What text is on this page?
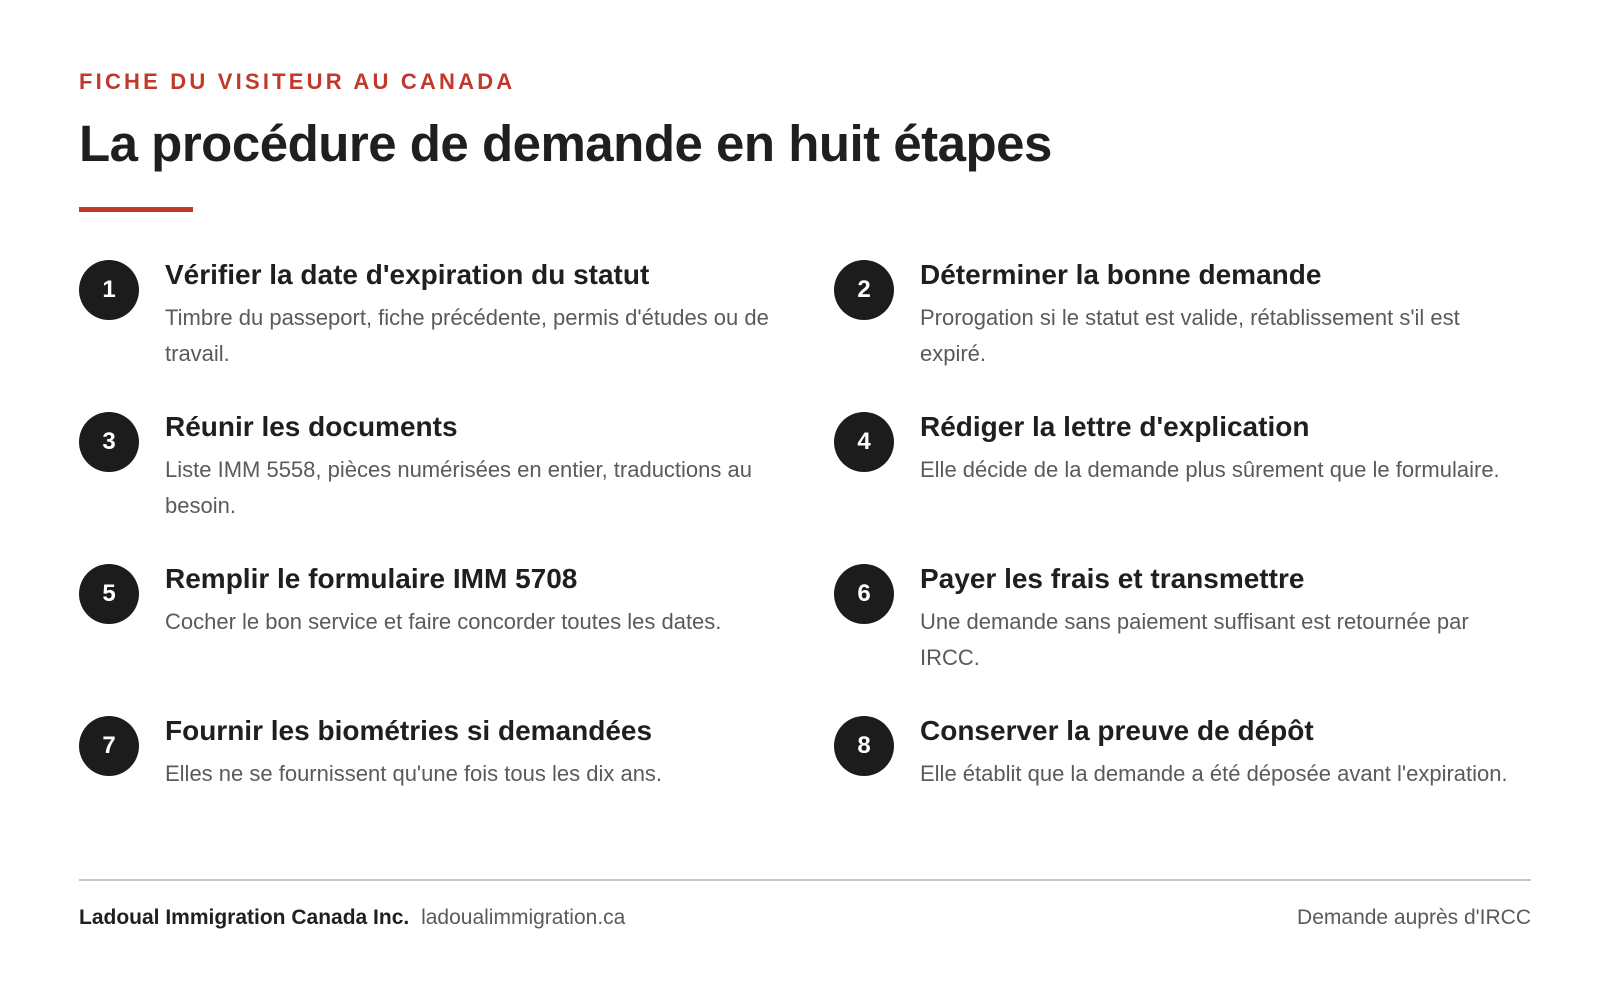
FICHE DU VISITEUR AU CANADA
La procédure de demande en huit étapes
1	Vérifier la date d'expiration du statut

Timbre du passeport, fiche précédente, permis d'études ou de travail.

2	Déterminer la bonne demande

Prorogation si le statut est valide, rétablissement s'il est expiré.

3	Réunir les documents

Liste IMM 5558, pièces numérisées en entier, traductions au besoin.

4	Rédiger la lettre d'explication

Elle décide de la demande plus sûrement que le formulaire.

5	Remplir le formulaire IMM 5708

Cocher le bon service et faire concorder toutes les dates.

6	Payer les frais et transmettre

Une demande sans paiement suffisant est retournée par IRCC.

7	Fournir les biométries si demandées

Elles ne se fournissent qu'une fois tous les dix ans.

8	Conserver la preuve de dépôt

Elle établit que la demande a été déposée avant l'expiration.

Ladoual Immigration Canada Inc. ladoualimmigration.ca	Demande auprès d'IRCC
